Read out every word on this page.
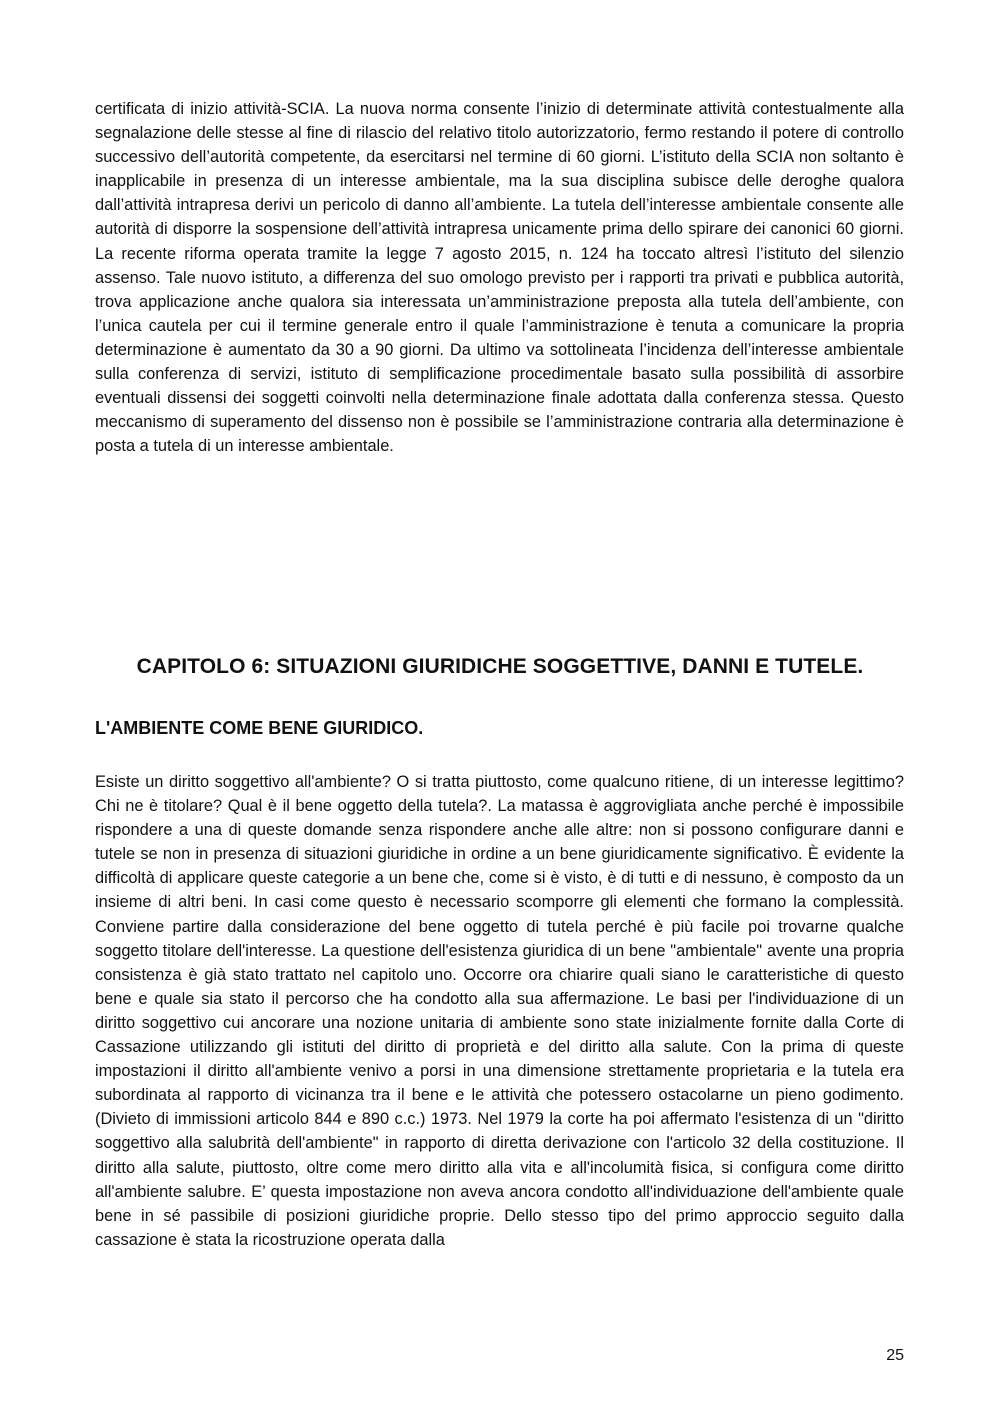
certificata di inizio attività-SCIA. La nuova norma consente l’inizio di determinate attività contestualmente alla segnalazione delle stesse al fine di rilascio del relativo titolo autorizzatorio, fermo restando il potere di controllo successivo dell’autorità competente, da esercitarsi nel termine di 60 giorni. L’istituto della SCIA non soltanto è inapplicabile in presenza di un interesse ambientale, ma la sua disciplina subisce delle deroghe qualora dall’attività intrapresa derivi un pericolo di danno all’ambiente. La tutela dell’interesse ambientale consente alle autorità di disporre la sospensione dell’attività intrapresa unicamente prima dello spirare dei canonici 60 giorni. La recente riforma operata tramite la legge 7 agosto 2015, n. 124 ha toccato altresì l’istituto del silenzio assenso. Tale nuovo istituto, a differenza del suo omologo previsto per i rapporti tra privati e pubblica autorità, trova applicazione anche qualora sia interessata un’amministrazione preposta alla tutela dell’ambiente, con l’unica cautela per cui il termine generale entro il quale l’amministrazione è tenuta a comunicare la propria determinazione è aumentato da 30 a 90 giorni. Da ultimo va sottolineata l’incidenza dell’interesse ambientale sulla conferenza di servizi, istituto di semplificazione procedimentale basato sulla possibilità di assorbire eventuali dissensi dei soggetti coinvolti nella determinazione finale adottata dalla conferenza stessa. Questo meccanismo di superamento del dissenso non è possibile se l’amministrazione contraria alla determinazione è posta a tutela di un interesse ambientale.

CAPITOLO 6: SITUAZIONI GIURIDICHE SOGGETTIVE, DANNI E TUTELE.
L'AMBIENTE COME BENE GIURIDICO.

Esiste un diritto soggettivo all'ambiente? O si tratta piuttosto, come qualcuno ritiene, di un interesse legittimo? Chi ne è titolare? Qual è il bene oggetto della tutela?. La matassa è aggrovigliata anche perché è impossibile rispondere a una di queste domande senza rispondere anche alle altre: non si possono configurare danni e tutele se non in presenza di situazioni giuridiche in ordine a un bene giuridicamente significativo. È evidente la difficoltà di applicare queste categorie a un bene che, come si è visto, è di tutti e di nessuno, è composto da un insieme di altri beni. In casi come questo è necessario scomporre gli elementi che formano la complessità. Conviene partire dalla considerazione del bene oggetto di tutela perché è più facile poi trovarne qualche soggetto titolare dell'interesse. La questione dell'esistenza giuridica di un bene "ambientale" avente una propria consistenza è già stato trattato nel capitolo uno. Occorre ora chiarire quali siano le caratteristiche di questo bene e quale sia stato il percorso che ha condotto alla sua affermazione. Le basi per l'individuazione di un diritto soggettivo cui ancorare una nozione unitaria di ambiente sono state inizialmente fornite dalla Corte di Cassazione utilizzando gli istituti del diritto di proprietà e del diritto alla salute. Con la prima di queste impostazioni il diritto all'ambiente venivo a porsi in una dimensione strettamente proprietaria e la tutela era subordinata al rapporto di vicinanza tra il bene e le attività che potessero ostacolarne un pieno godimento. (Divieto di immissioni articolo 844 e 890 c.c.) 1973. Nel 1979 la corte ha poi affermato l'esistenza di un "diritto soggettivo alla salubrità dell'ambiente" in rapporto di diretta derivazione con l'articolo 32 della costituzione. Il diritto alla salute, piuttosto, oltre come mero diritto alla vita e all'incolumità fisica, si configura come diritto all'ambiente salubre. E’ questa impostazione non aveva ancora condotto all'individuazione dell'ambiente quale bene in sé passibile di posizioni giuridiche proprie. Dello stesso tipo del primo approccio seguito dalla cassazione è stata la ricostruzione operata dalla

25
